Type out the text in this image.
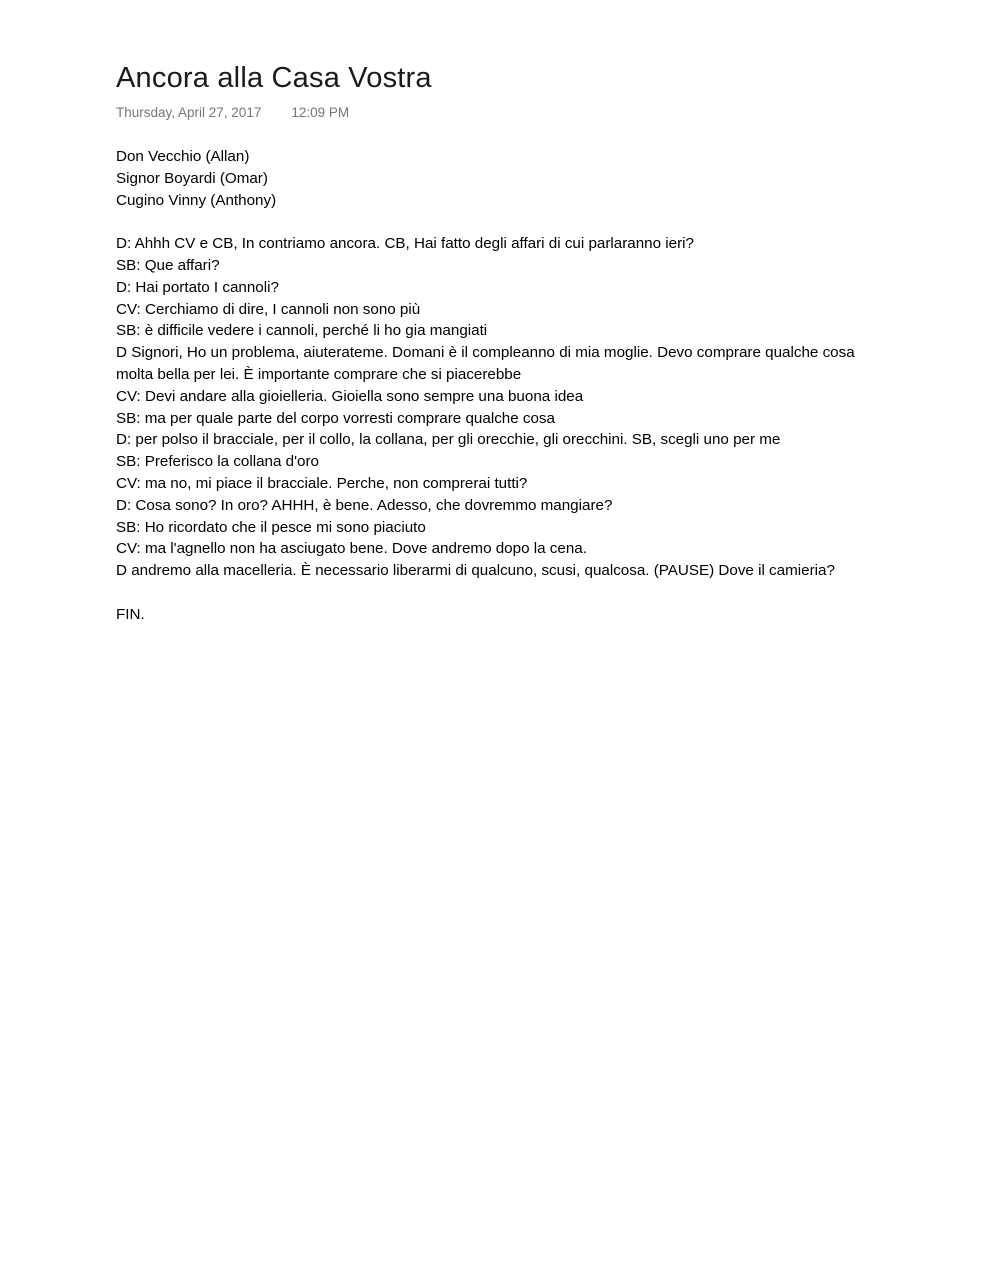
Ancora alla Casa Vostra
Thursday, April 27, 2017 12:09 PM
Don Vecchio (Allan)
Signor Boyardi (Omar)
Cugino Vinny (Anthony)
D: Ahhh CV e CB, In contriamo ancora. CB, Hai fatto degli affari di cui parlaranno ieri?
SB: Que affari?
D: Hai portato I cannoli?
CV: Cerchiamo di dire, I cannoli non sono più
SB: è difficile vedere i cannoli, perché li ho gia mangiati
D Signori, Ho un problema, aiuterateme. Domani è il compleanno di mia moglie. Devo comprare qualche cosa molta bella per lei. È importante comprare che si piacerebbe
CV: Devi andare alla gioielleria. Gioiella sono sempre una buona idea
SB: ma per quale parte del corpo vorresti comprare qualche cosa
D: per polso il bracciale, per il collo, la collana, per gli orecchie, gli orecchini. SB, scegli uno per me
SB: Preferisco la collana d'oro
CV: ma no, mi piace il bracciale. Perche, non comprerai tutti?
D: Cosa sono? In oro? AHHH, è bene. Adesso, che dovremmo mangiare?
SB: Ho ricordato che il pesce mi sono piaciuto
CV: ma l'agnello non ha asciugato bene. Dove andremo dopo la cena.
D andremo alla macelleria. È necessario liberarmi di qualcuno, scusi, qualcosa. (PAUSE) Dove il camieria?
FIN.
